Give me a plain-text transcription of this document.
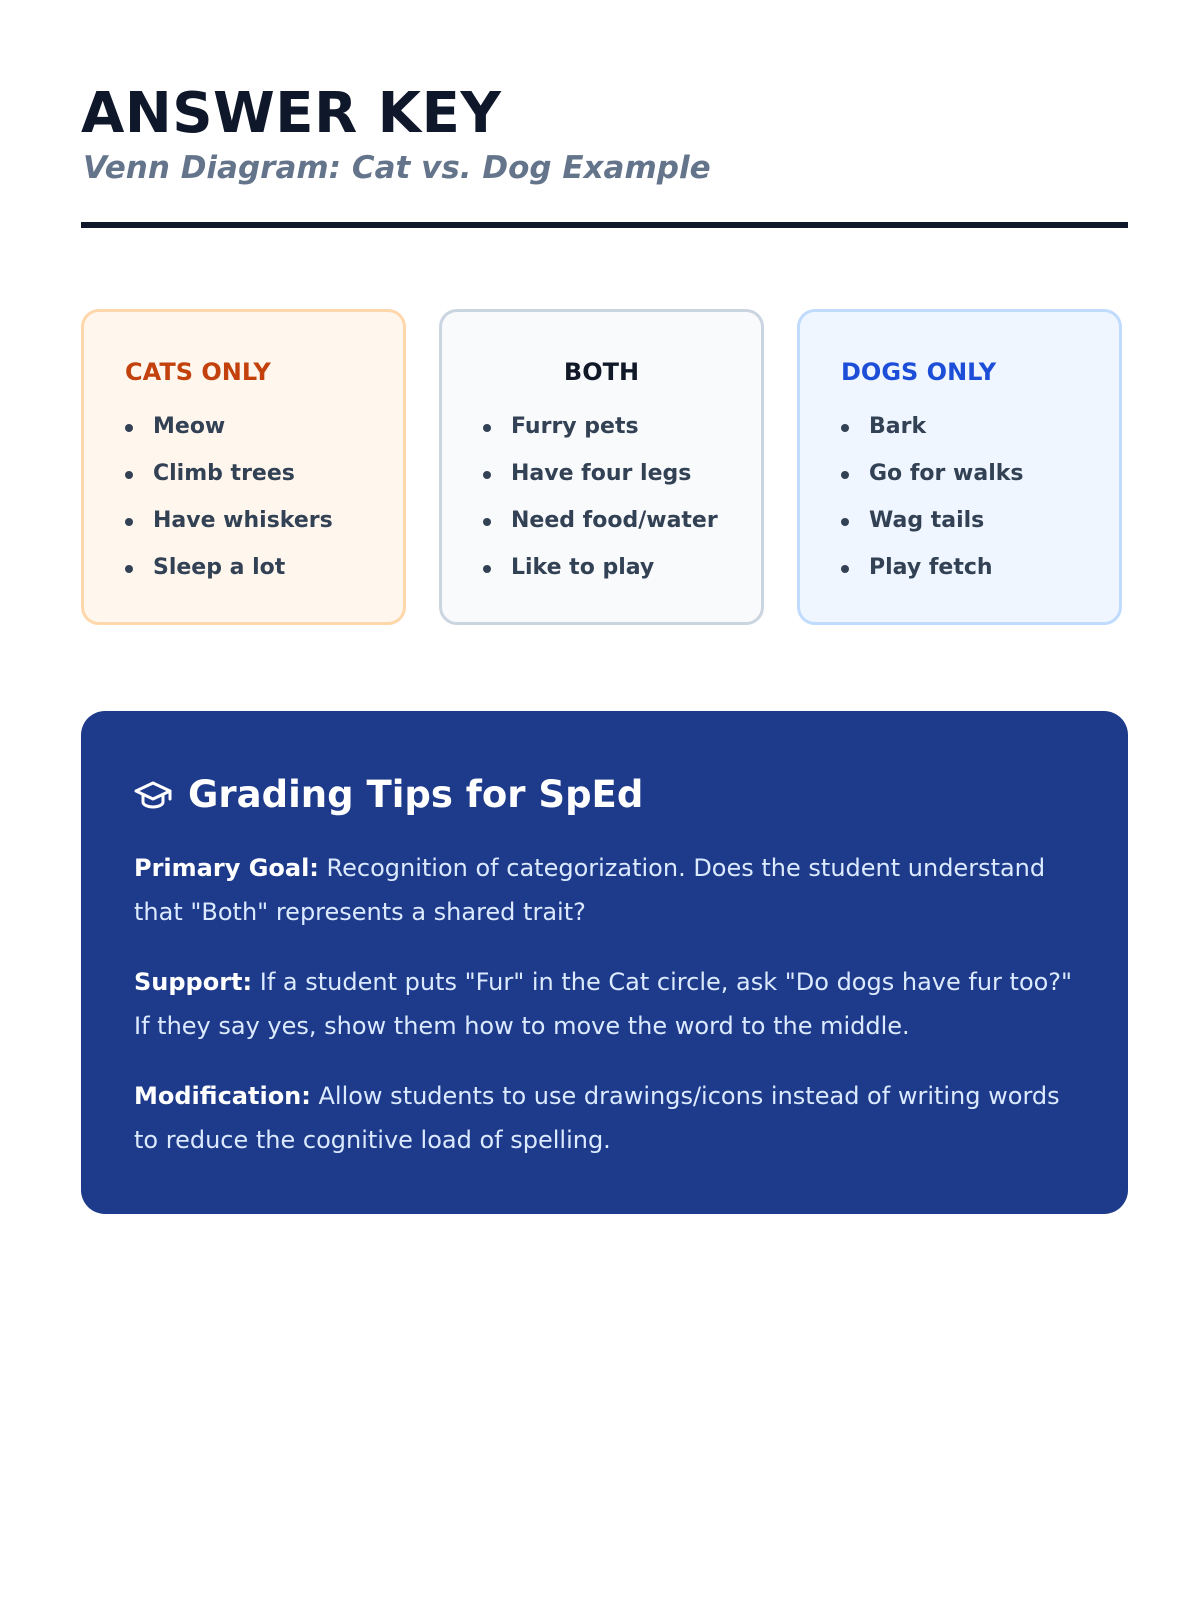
ANSWER KEY

Venn Diagram: Cat vs. Dog Example

CATS ONLY
Meow
Climb trees
Have whiskers
Sleep a lot
BOTH
Furry pets
Have four legs
Need food/water
Like to play
DOGS ONLY
Bark
Go for walks
Wag tails
Play fetch
Grading Tips for SpEd

Primary Goal: Recognition of categorization. Does the student understand that "Both" represents a shared trait?

Support: If a student puts "Fur" in the Cat circle, ask "Do dogs have fur too?" If they say yes, show them how to move the word to the middle.

Modification: Allow students to use drawings/icons instead of writing words to reduce the cognitive load of spelling.
